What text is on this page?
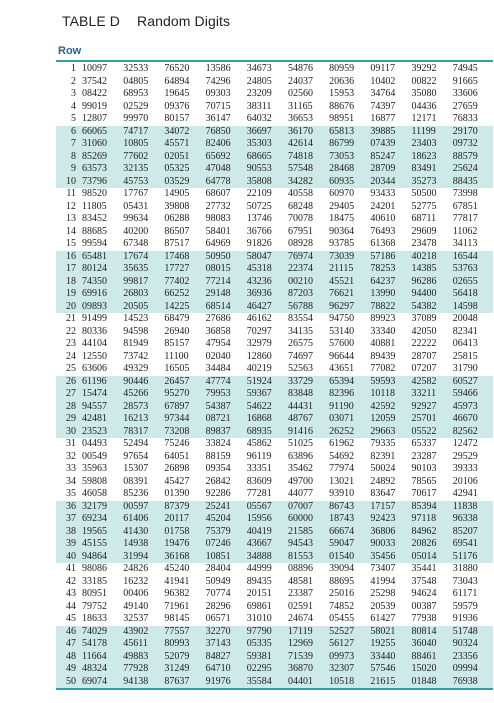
TABLE D Random Digits
Row
1	10097	32533	76520	13586	34673	54876	80959	09117	39292	74945
2	37542	04805	64894	74296	24805	24037	20636	10402	00822	91665
3	08422	68953	19645	09303	23209	02560	15953	34764	35080	33606
4	99019	02529	09376	70715	38311	31165	88676	74397	04436	27659
5	12807	99970	80157	36147	64032	36653	98951	16877	12171	76833
6	66065	74717	34072	76850	36697	36170	65813	39885	11199	29170
7	31060	10805	45571	82406	35303	42614	86799	07439	23403	09732
8	85269	77602	02051	65692	68665	74818	73053	85247	18623	88579
9	63573	32135	05325	47048	90553	57548	28468	28709	83491	25624
10	73796	45753	03529	64778	35808	34282	60935	20344	35273	88435
11	98520	17767	14905	68607	22109	40558	60970	93433	50500	73998
12	11805	05431	39808	27732	50725	68248	29405	24201	52775	67851
13	83452	99634	06288	98083	13746	70078	18475	40610	68711	77817
14	88685	40200	86507	58401	36766	67951	90364	76493	29609	11062
15	99594	67348	87517	64969	91826	08928	93785	61368	23478	34113
16	65481	17674	17468	50950	58047	76974	73039	57186	40218	16544
17	80124	35635	17727	08015	45318	22374	21115	78253	14385	53763
18	74350	99817	77402	77214	43236	00210	45521	64237	96286	02655
19	69916	26803	66252	29148	36936	87203	76621	13990	94400	56418
20	09893	20505	14225	68514	46427	56788	96297	78822	54382	14598
21	91499	14523	68479	27686	46162	83554	94750	89923	37089	20048
22	80336	94598	26940	36858	70297	34135	53140	33340	42050	82341
23	44104	81949	85157	47954	32979	26575	57600	40881	22222	06413
24	12550	73742	11100	02040	12860	74697	96644	89439	28707	25815
25	63606	49329	16505	34484	40219	52563	43651	77082	07207	31790
26	61196	90446	26457	47774	51924	33729	65394	59593	42582	60527
27	15474	45266	95270	79953	59367	83848	82396	10118	33211	59466
28	94557	28573	67897	54387	54622	44431	91190	42592	92927	45973
29	42481	16213	97344	08721	16868	48767	03071	12059	25701	46670
30	23523	78317	73208	89837	68935	91416	26252	29663	05522	82562
31	04493	52494	75246	33824	45862	51025	61962	79335	65337	12472
32	00549	97654	64051	88159	96119	63896	54692	82391	23287	29529
33	35963	15307	26898	09354	33351	35462	77974	50024	90103	39333
34	59808	08391	45427	26842	83609	49700	13021	24892	78565	20106
35	46058	85236	01390	92286	77281	44077	93910	83647	70617	42941
36	32179	00597	87379	25241	05567	07007	86743	17157	85394	11838
37	69234	61406	20117	45204	15956	60000	18743	92423	97118	96338
38	19565	41430	01758	75379	40419	21585	66674	36806	84962	85207
39	45155	14938	19476	07246	43667	94543	59047	90033	20826	69541
40	94864	31994	36168	10851	34888	81553	01540	35456	05014	51176
41	98086	24826	45240	28404	44999	08896	39094	73407	35441	31880
42	33185	16232	41941	50949	89435	48581	88695	41994	37548	73043
43	80951	00406	96382	70774	20151	23387	25016	25298	94624	61171
44	79752	49140	71961	28296	69861	02591	74852	20539	00387	59579
45	18633	32537	98145	06571	31010	24674	05455	61427	77938	91936
46	74029	43902	77557	32270	97790	17119	52527	58021	80814	51748
47	54178	45611	80993	37143	05335	12969	56127	19255	36040	90324
48	11664	49883	52079	84827	59381	71539	09973	33440	88461	23356
49	48324	77928	31249	64710	02295	36870	32307	57546	15020	09994
50	69074	94138	87637	91976	35584	04401	10518	21615	01848	76938
